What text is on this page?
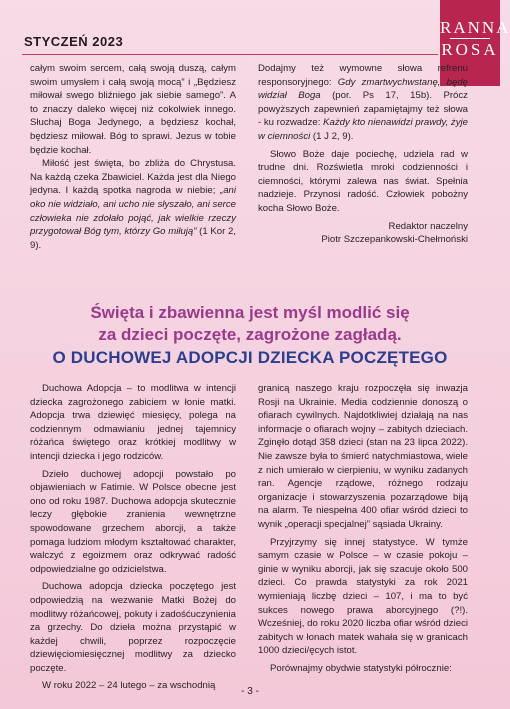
STYCZEŃ 2023
RANNA
ROSA

całym swoim sercem, całą swoją duszą, całym swoim umysłem i całą swoją mocą” i „Będziesz miłował swego bliźniego jak siebie samego”. A to znaczy daleko więcej niż cokolwiek innego. Słuchaj Boga Jedynego, a będziesz kochał, będziesz miłował. Bóg to sprawi. Jezus w tobie będzie kochał.

Miłość jest święta, bo zbliża do Chrystusa. Na każdą czeka Zbawiciel. Każda jest dla Niego jedyna. I każdą spotka nagroda w niebie; „ani oko nie widziało, ani ucho nie słyszało, ani serce człowieka nie zdołało pojąć, jak wielkie rzeczy przygotował Bóg tym, którzy Go miłują” (1 Kor 2, 9).

Dodajmy też wymowne słowa refrenu responsoryjnego: Gdy zmartwychwstanę, będę widział Boga (por. Ps 17, 15b). Prócz powyższych zapewnień zapamiętajmy też słowa - ku rozwadze: Każdy kto nienawidzi prawdy, żyje w ciemności (1 J 2, 9).

Słowo Boże daje pociechę, udziela rad w trudne dni. Rozświetla mroki codzienności i ciemności, którymi zalewa nas świat. Spełnia nadzieje. Przynosi radość. Człowiek pobożny kocha Słowo Boże.

Redaktor naczelny

Piotr Szczepankowski-Chełmoński

Święta i zbawienna jest myśl modlić się
za dzieci poczęte, zagrożone zagładą.
O DUCHOWEJ ADOPCJI DZIECKA POCZĘTEGO

Duchowa Adopcja – to modlitwa w intencji dziecka zagrożonego zabiciem w łonie matki. Adopcja trwa dziewięć miesięcy, polega na codziennym odmawianiu jednej tajemnicy różańca świętego oraz krótkiej modlitwy w intencji dziecka i jego rodziców.

Dzieło duchowej adopcji powstało po objawieniach w Fatimie. W Polsce obecne jest ono od roku 1987. Duchowa adopcja skutecznie leczy głębokie zranienia wewnętrzne spowodowane grzechem aborcji, a także pomaga ludziom młodym kształtować charakter, walczyć z egoizmem oraz odkrywać radość odpowiedzialne go odzicielstwa.

Duchowa adopcja dziecka poczętego jest odpowiedzią na wezwanie Matki Bożej do modlitwy różańcowej, pokuty i zadośćuczynienia za grzechy. Do dzieła można przystąpić w każdej chwili, poprzez rozpoczęcie dziewięciomiesięcznej modlitwy za dziecko poczęte.

W roku 2022 – 24 lutego – za wschodnią

granicą naszego kraju rozpoczęła się inwazja Rosji na Ukrainie. Media codziennie donoszą o ofiarach cywilnych. Najdotkliwiej działają na nas informacje o ofiarach wojny – zabitych dzieciach. Zginęło dotąd 358 dzieci (stan na 23 lipca 2022). Nie zawsze była to śmierć natychmiastowa, wiele z nich umierało w cierpieniu, w wyniku zadanych ran. Agencje rządowe, różnego rodzaju organizacje i stowarzyszenia pozarządowe biją na alarm. Te niespełna 400 ofiar wśród dzieci to wynik „operacji specjalnej” sąsiada Ukrainy.

Przyjrzymy się innej statystyce. W tymże samym czasie w Polsce – w czasie pokoju – ginie w wyniku aborcji, jak się szacuje około 500 dzieci. Co prawda statystyki za rok 2021 wymieniają liczbę dzieci – 107, i ma to być sukces nowego prawa aborcyjnego (?!). Wcześniej, do roku 2020 liczba ofiar wśród dzieci zabitych w łonach matek wahała się w granicach 1000 dzieci/ęcych istot.

Porównajmy obydwie statystyki półrocznie:

- 3 -
